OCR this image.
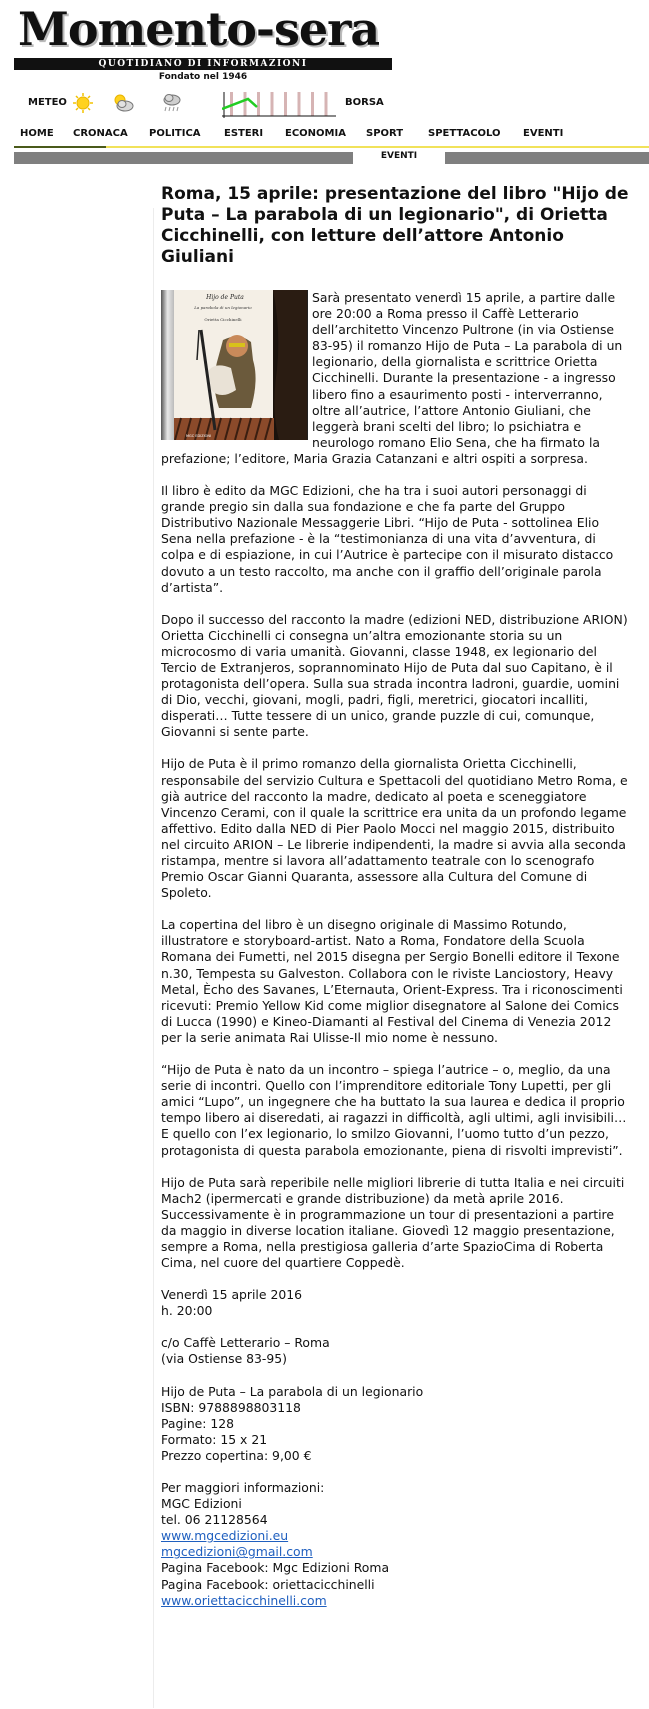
Momento-sera
QUOTIDIANO DI INFORMAZIONI
Fondato nel 1946
METEO	BORSA
HOME CRONACA POLITICA ESTERI ECONOMIA SPORT SPETTACOLO EVENTI
EVENTI
Roma, 15 aprile: presentazione del libro "Hijo de Puta – La parabola di un legionario", di Orietta Cicchinelli, con letture dell’attore Antonio Giuliani
Hijo de Puta
La parabola di un legionario
Orietta Cicchinelli
MGC EDIZIONI

Sarà presentato venerdì 15 aprile, a partire dalle ore 20:00 a Roma presso il Caffè Letterario dell’architetto Vincenzo Pultrone (in via Ostiense 83-95) il romanzo Hijo de Puta – La parabola di un legionario, della giornalista e scrittrice Orietta Cicchinelli. Durante la presentazione - a ingresso libero fino a esaurimento posti - interverranno, oltre all’autrice, l’attore Antonio Giuliani, che leggerà brani scelti del libro; lo psichiatra e neurologo romano Elio Sena, che ha firmato la prefazione; l’editore, Maria Grazia Catanzani e altri ospiti a sorpresa.

Il libro è edito da MGC Edizioni, che ha tra i suoi autori personaggi di grande pregio sin dalla sua fondazione e che fa parte del Gruppo Distributivo Nazionale Messaggerie Libri. “Hijo de Puta - sottolinea Elio Sena nella prefazione - è la “testimonianza di una vita d’avventura, di colpa e di espiazione, in cui l’Autrice è partecipe con il misurato distacco dovuto a un testo raccolto, ma anche con il graffio dell’originale parola d’artista”.

Dopo il successo del racconto la madre (edizioni NED, distribuzione ARION) Orietta Cicchinelli ci consegna un’altra emozionante storia su un microcosmo di varia umanità. Giovanni, classe 1948, ex legionario del Tercio de Extranjeros, soprannominato Hijo de Puta dal suo Capitano, è il protagonista dell’opera. Sulla sua strada incontra ladroni, guardie, uomini di Dio, vecchi, giovani, mogli, padri, figli, meretrici, giocatori incalliti, disperati… Tutte tessere di un unico, grande puzzle di cui, comunque, Giovanni si sente parte.

Hijo de Puta è il primo romanzo della giornalista Orietta Cicchinelli, responsabile del servizio Cultura e Spettacoli del quotidiano Metro Roma, e già autrice del racconto la madre, dedicato al poeta e sceneggiatore Vincenzo Cerami, con il quale la scrittrice era unita da un profondo legame affettivo. Edito dalla NED di Pier Paolo Mocci nel maggio 2015, distribuito nel circuito ARION – Le librerie indipendenti, la madre si avvia alla seconda ristampa, mentre si lavora all’adattamento teatrale con lo scenografo Premio Oscar Gianni Quaranta, assessore alla Cultura del Comune di Spoleto.

La copertina del libro è un disegno originale di Massimo Rotundo, illustratore e storyboard-artist. Nato a Roma, Fondatore della Scuola Romana dei Fumetti, nel 2015 disegna per Sergio Bonelli editore il Texone n.30, Tempesta su Galveston. Collabora con le riviste Lanciostory, Heavy Metal, Ècho des Savanes, L’Eternauta, Orient-Express. Tra i riconoscimenti ricevuti: Premio Yellow Kid come miglior disegnatore al Salone dei Comics di Lucca (1990) e Kineo-Diamanti al Festival del Cinema di Venezia 2012 per la serie animata Rai Ulisse-Il mio nome è nessuno.

“Hijo de Puta è nato da un incontro – spiega l’autrice – o, meglio, da una serie di incontri. Quello con l’imprenditore editoriale Tony Lupetti, per gli amici “Lupo”, un ingegnere che ha buttato la sua laurea e dedica il proprio tempo libero ai diseredati, ai ragazzi in difficoltà, agli ultimi, agli invisibili… E quello con l’ex legionario, lo smilzo Giovanni, l’uomo tutto d’un pezzo, protagonista di questa parabola emozionante, piena di risvolti imprevisti”.

Hijo de Puta sarà reperibile nelle migliori librerie di tutta Italia e nei circuiti Mach2 (ipermercati e grande distribuzione) da metà aprile 2016. Successivamente è in programmazione un tour di presentazioni a partire da maggio in diverse location italiane. Giovedì 12 maggio presentazione, sempre a Roma, nella prestigiosa galleria d’arte SpazioCima di Roberta Cima, nel cuore del quartiere Coppedè.

Venerdì 15 aprile 2016
h. 20:00

c/o Caffè Letterario – Roma
(via Ostiense 83-95)

Hijo de Puta – La parabola di un legionario
ISBN: 9788898803118
Pagine: 128
Formato: 15 x 21
Prezzo copertina: 9,00 €

Per maggiori informazioni:
MGC Edizioni
tel. 06 21128564
www.mgcedizioni.eu
mgcedizioni@gmail.com
Pagina Facebook: Mgc Edizioni Roma
Pagina Facebook: oriettacicchinelli
www.oriettacicchinelli.com
